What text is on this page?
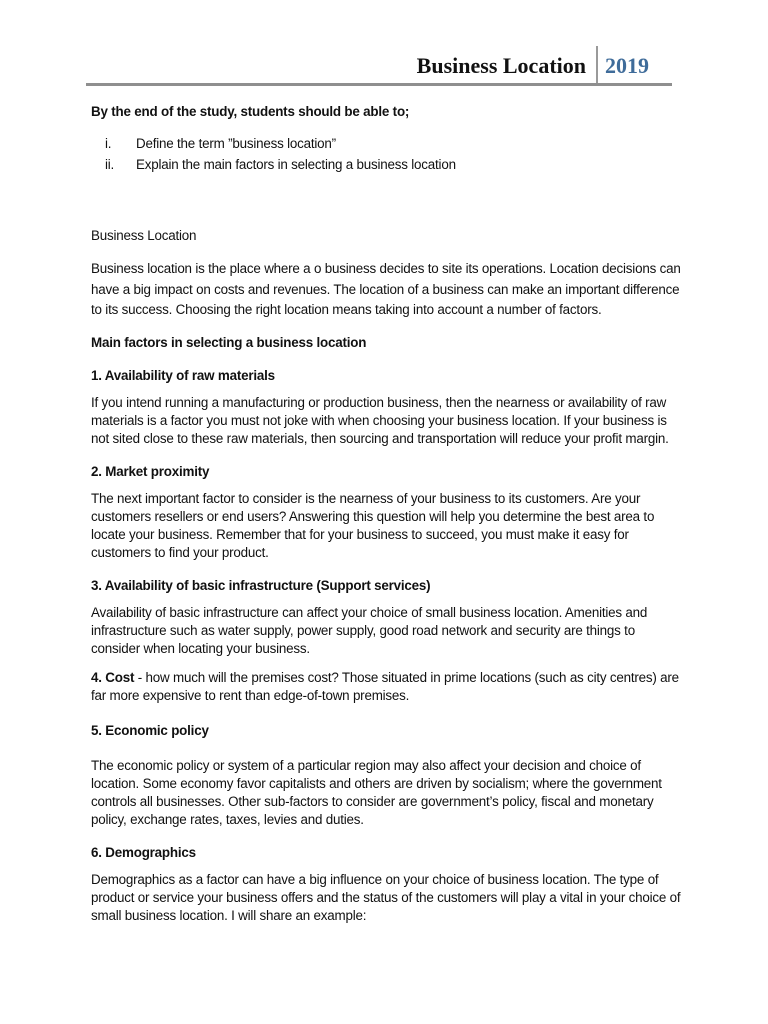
Business Location 2019

By the end of the study, students should be able to;

i. Define the term ”business location”
ii. Explain the main factors in selecting a business location

Business Location

Business location is the place where a o business decides to site its operations. Location decisions can have a big impact on costs and revenues. The location of a business can make an important difference to its success. Choosing the right location means taking into account a number of factors.

Main factors in selecting a business location

1. Availability of raw materials

If you intend running a manufacturing or production business, then the nearness or availability of raw materials is a factor you must not joke with when choosing your business location. If your business is not sited close to these raw materials, then sourcing and transportation will reduce your profit margin.

2. Market proximity

The next important factor to consider is the nearness of your business to its customers. Are your customers resellers or end users? Answering this question will help you determine the best area to locate your business. Remember that for your business to succeed, you must make it easy for customers to find your product.

3. Availability of basic infrastructure (Support services)

Availability of basic infrastructure can affect your choice of small business location. Amenities and infrastructure such as water supply, power supply, good road network and security are things to consider when locating your business.

4. Cost - how much will the premises cost? Those situated in prime locations (such as city centres) are far more expensive to rent than edge-of-town premises.

5. Economic policy

The economic policy or system of a particular region may also affect your decision and choice of location. Some economy favor capitalists and others are driven by socialism; where the government controls all businesses. Other sub-factors to consider are government’s policy, fiscal and monetary policy, exchange rates, taxes, levies and duties.

6. Demographics

Demographics as a factor can have a big influence on your choice of business location. The type of product or service your business offers and the status of the customers will play a vital in your choice of small business location. I will share an example:
